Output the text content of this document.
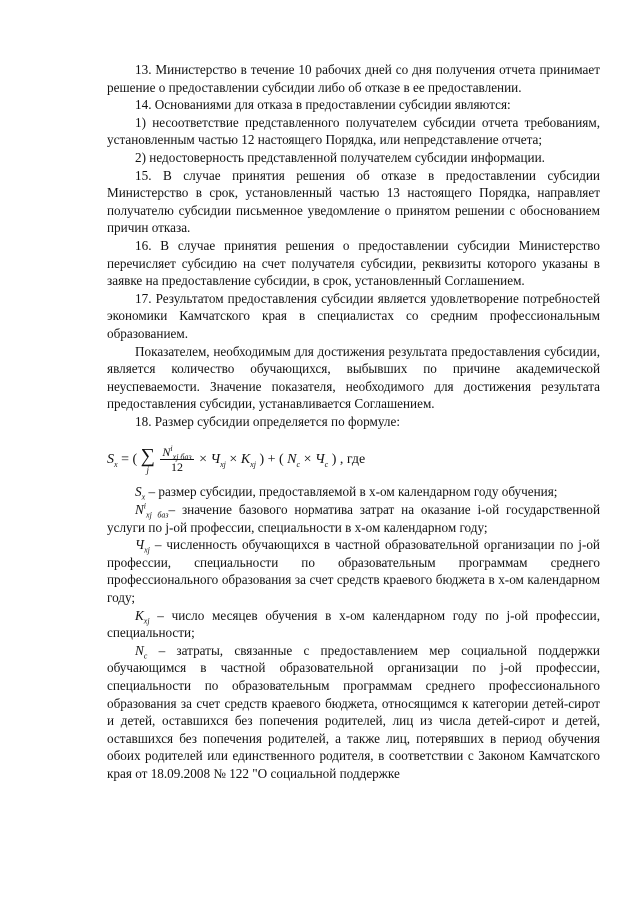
13. Министерство в течение 10 рабочих дней со дня получения отчета принимает решение о предоставлении субсидии либо об отказе в ее предоставлении.

14. Основаниями для отказа в предоставлении субсидии являются:

1) несоответствие представленного получателем субсидии отчета требованиям, установленным частью 12 настоящего Порядка, или непредставление отчета;

2) недостоверность представленной получателем субсидии информации.

15. В случае принятия решения об отказе в предоставлении субсидии Министерство в срок, установленный частью 13 настоящего Порядка, направляет получателю субсидии письменное уведомление о принятом решении с обоснованием причин отказа.

16. В случае принятия решения о предоставлении субсидии Министерство перечисляет субсидию на счет получателя субсидии, реквизиты которого указаны в заявке на предоставление субсидии, в срок, установленный Соглашением.

17. Результатом предоставления субсидии является удовлетворение потребностей экономики Камчатского края в специалистах со средним профессиональным образованием.

Показателем, необходимым для достижения результата предоставления субсидии, является количество обучающихся, выбывших по причине академической неуспеваемости. Значение показателя, необходимого для достижения результата предоставления субсидии, устанавливается Соглашением.

18. Размер субсидии определяется по формуле:

$S_x$ = ( ∑
j
$\frac{N^i_{xj баз}}{12} \times Ч_{xj} \times K_{xj}$ ) + ( $N_c \times Ч_c$ ) , где

$S_x$ – размер субсидии, предоставляемой в х-ом календарном году обучения;

$N^i_{xj баз}-$ значение базового норматива затрат на оказание i-ой государственной услуги по j-ой профессии, специальности в х-ом календарном году;

$Ч_{xj}$ – численность обучающихся в частной образовательной организации по j-ой профессии, специальности по образовательным программам среднего профессионального образования за счет средств краевого бюджета в х-ом календарном году;

$K_{xj}$ – число месяцев обучения в х-ом календарном году по j-ой профессии, специальности;

$N_c$ – затраты, связанные с предоставлением мер социальной поддержки обучающимся в частной образовательной организации по j-ой профессии, специальности по образовательным программам среднего профессионального образования за счет средств краевого бюджета, относящимся к категории детей-сирот и детей, оставшихся без попечения родителей, лиц из числа детей-сирот и детей, оставшихся без попечения родителей, а также лиц, потерявших в период обучения обоих родителей или единственного родителя, в соответствии с Законом Камчатского края от 18.09.2008 № 122 "О социальной поддержке
